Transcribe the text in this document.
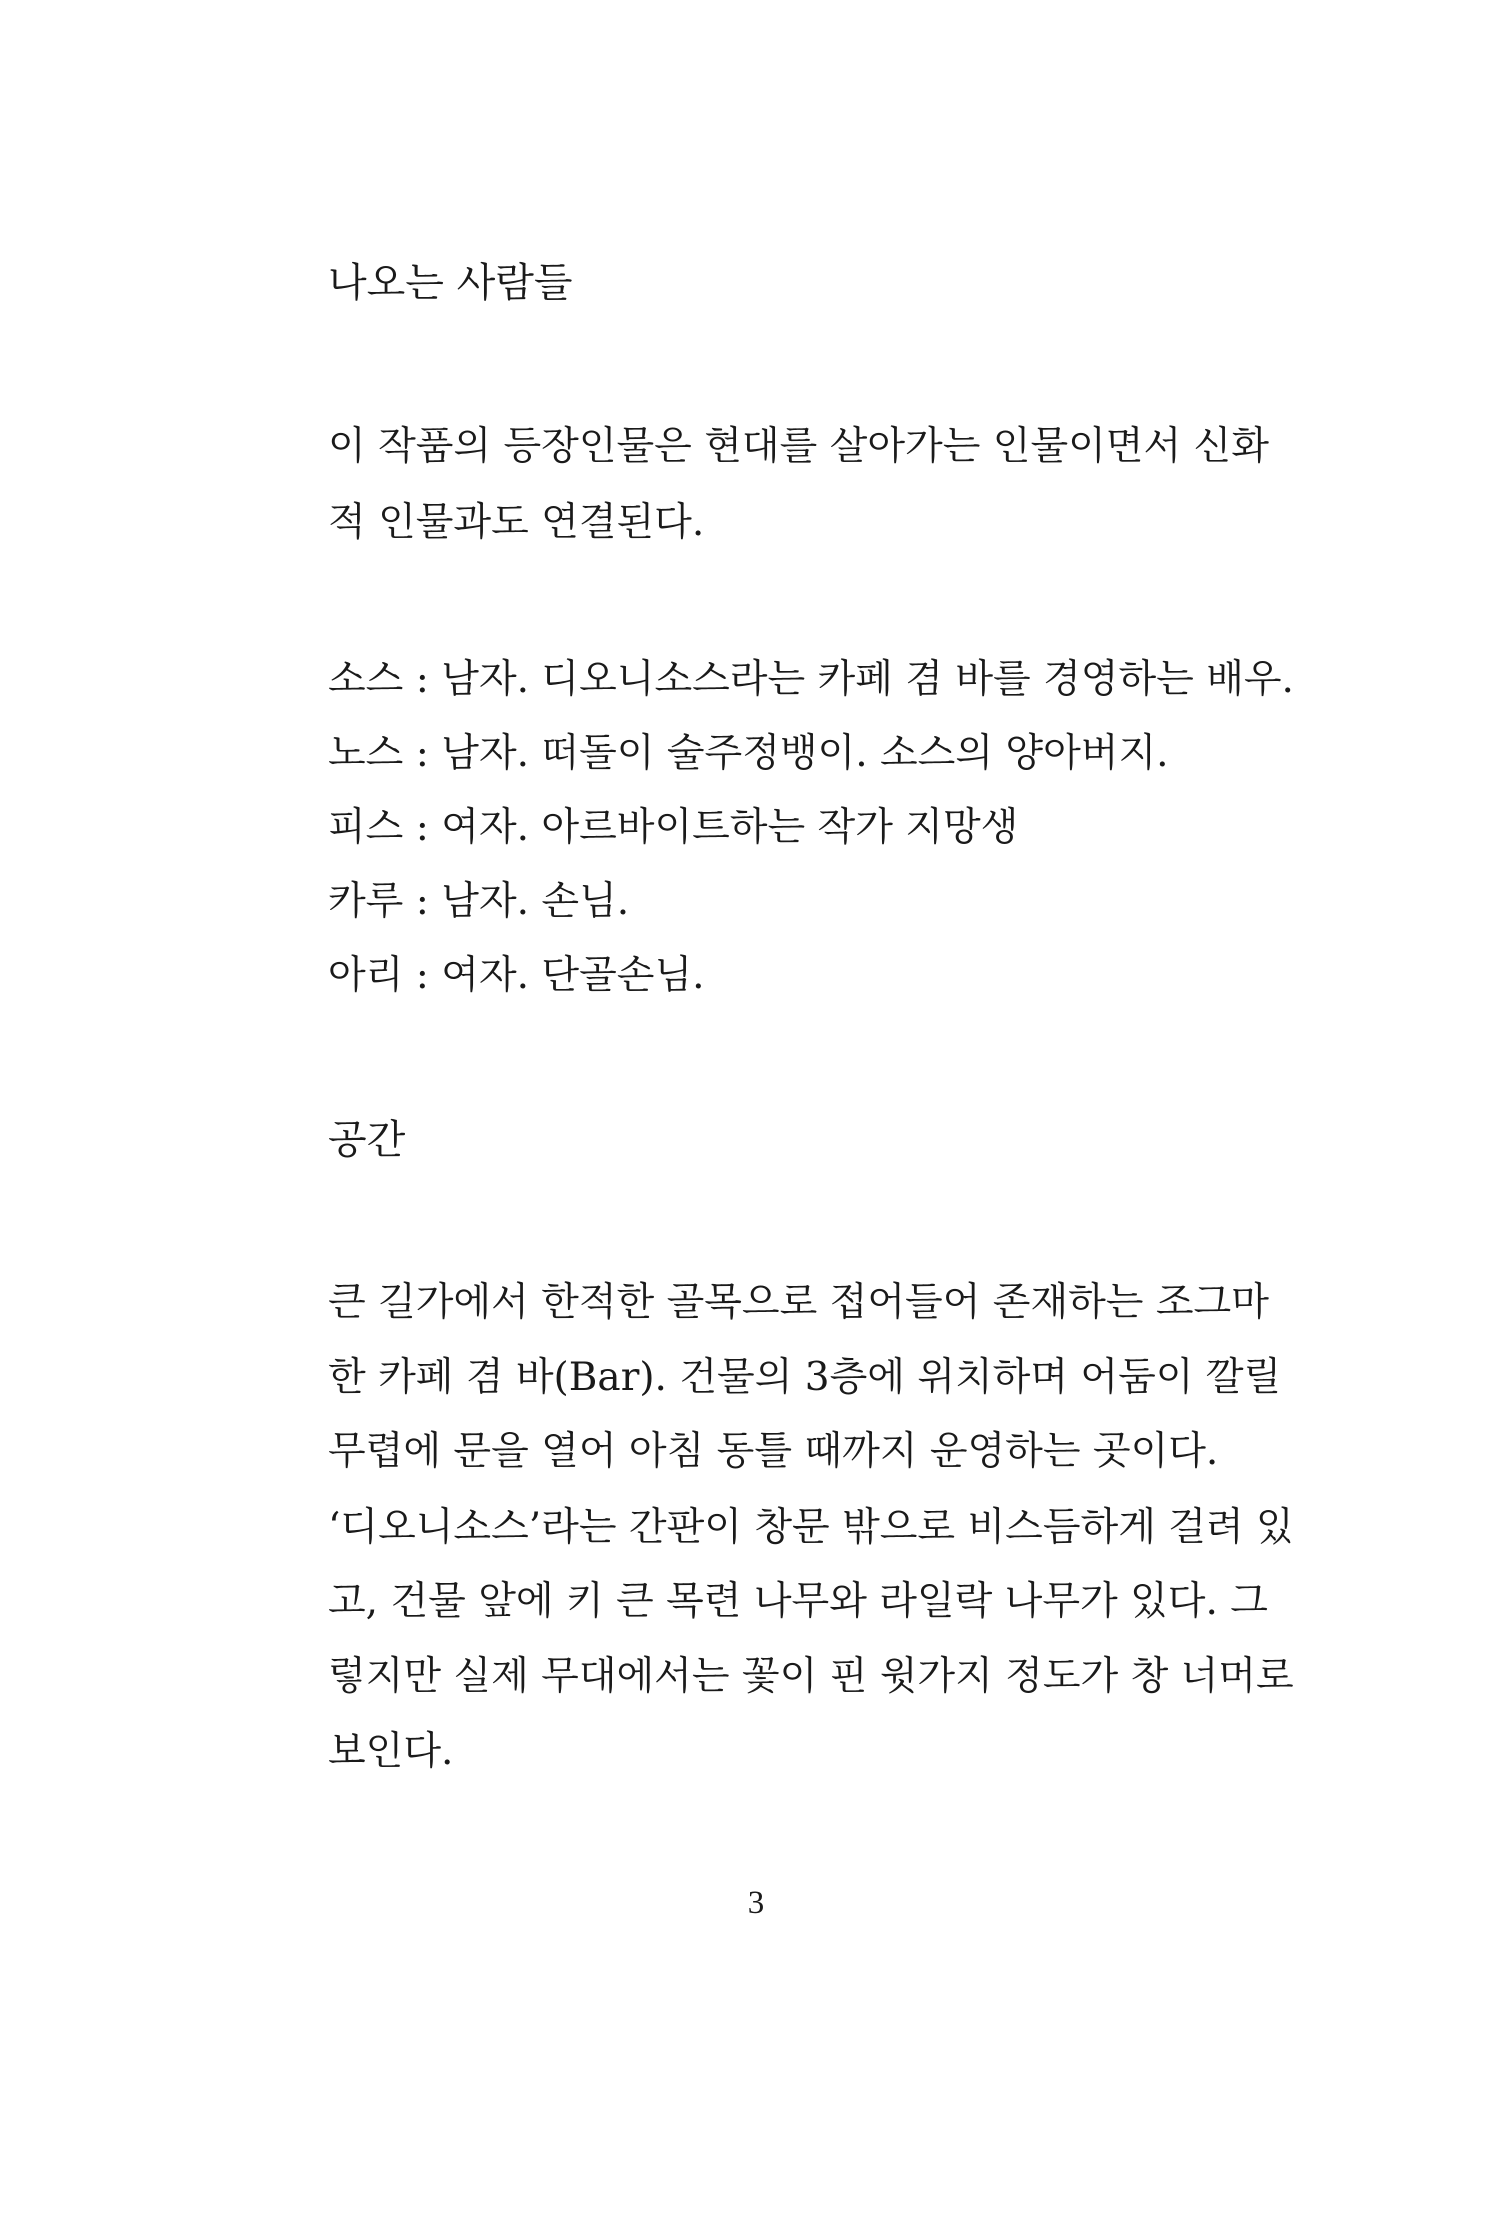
나오는 사람들
이 작품의 등장인물은 현대를 살아가는 인물이면서 신화
적 인물과도 연결된다.
소스 : 남자. 디오니소스라는 카페 겸 바를 경영하는 배우.
노스 : 남자. 떠돌이 술주정뱅이. 소스의 양아버지.
피스 : 여자. 아르바이트하는 작가 지망생
카루 : 남자. 손님.
아리 : 여자. 단골손님.
공간
큰 길가에서 한적한 골목으로 접어들어 존재하는 조그마
한 카페 겸 바(Bar). 건물의 3층에 위치하며 어둠이 깔릴
무렵에 문을 열어 아침 동틀 때까지 운영하는 곳이다.
‘디오니소스’라는 간판이 창문 밖으로 비스듬하게 걸려 있
고, 건물 앞에 키 큰 목련 나무와 라일락 나무가 있다. 그
렇지만 실제 무대에서는 꽃이 핀 윗가지 정도가 창 너머로
보인다.
3
